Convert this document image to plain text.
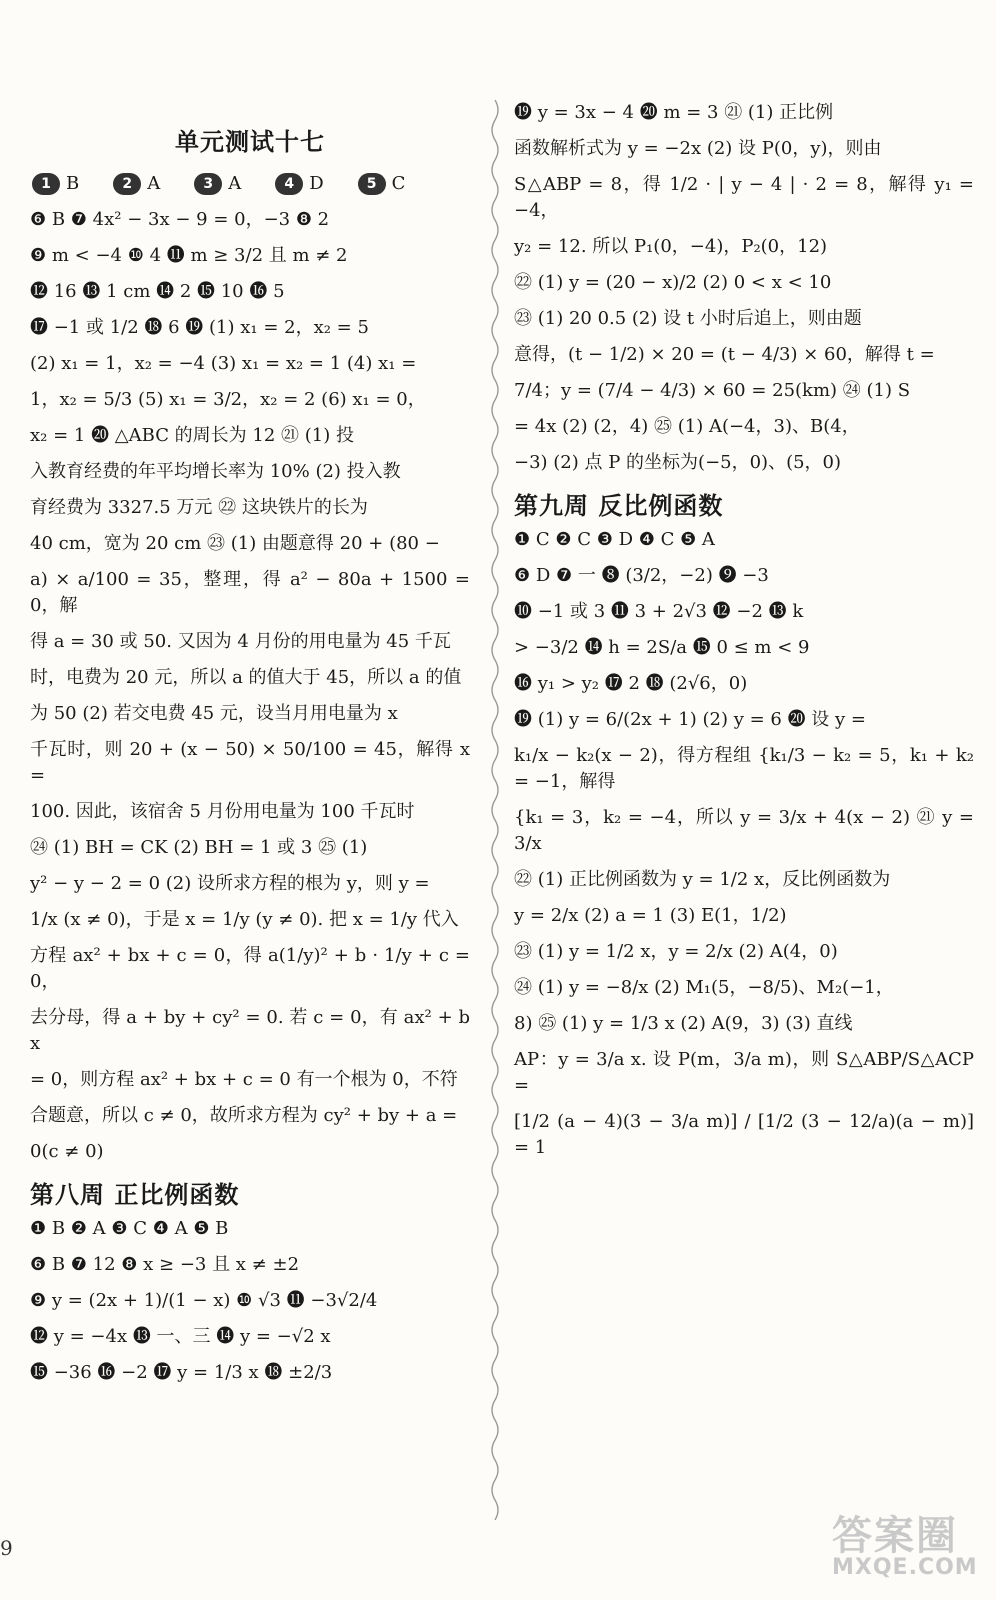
单元测试十七
1 B	2 A	3 A	4 D	5 C
❻ B ❼ 4x² − 3x − 9 = 0，−3 ❽ 2
❾ m < −4 ❿ 4 ⓫ m ≥ 3/2 且 m ≠ 2
⓬ 16 ⓭ 1 cm ⓮ 2 ⓯ 10 ⓰ 5
⓱ −1 或 1/2 ⓲ 6 ⓳ (1) x₁ = 2，x₂ = 5
(2) x₁ = 1，x₂ = −4 (3) x₁ = x₂ = 1 (4) x₁ =
1，x₂ = 5/3 (5) x₁ = 3/2，x₂ = 2 (6) x₁ = 0，
x₂ = 1 ⓴ △ABC 的周长为 12 ㉑ (1) 投
入教育经费的年平均增长率为 10% (2) 投入教
育经费为 3327.5 万元 ㉒ 这块铁片的长为
40 cm，宽为 20 cm ㉓ (1) 由题意得 20 + (80 −
a) × a/100 = 35，整理，得 a² − 80a + 1500 = 0，解
得 a = 30 或 50. 又因为 4 月份的用电量为 45 千瓦
时，电费为 20 元，所以 a 的值大于 45，所以 a 的值
为 50 (2) 若交电费 45 元，设当月用电量为 x
千瓦时，则 20 + (x − 50) × 50/100 = 45，解得 x =
100. 因此，该宿舍 5 月份用电量为 100 千瓦时
㉔ (1) BH = CK (2) BH = 1 或 3 ㉕ (1)
y² − y − 2 = 0 (2) 设所求方程的根为 y，则 y =
1/x (x ≠ 0)，于是 x = 1/y (y ≠ 0). 把 x = 1/y 代入
方程 ax² + bx + c = 0，得 a(1/y)² + b · 1/y + c = 0，
去分母，得 a + by + cy² = 0. 若 c = 0，有 ax² + bx
= 0，则方程 ax² + bx + c = 0 有一个根为 0，不符
合题意，所以 c ≠ 0，故所求方程为 cy² + by + a =
0(c ≠ 0)
第八周 正比例函数
❶ B ❷ A ❸ C ❹ A ❺ B
❻ B ❼ 12 ❽ x ≥ −3 且 x ≠ ±2
❾ y = (2x + 1)/(1 − x) ❿ √3 ⓫ −3√2/4
⓬ y = −4x ⓭ 一、三 ⓮ y = −√2 x
⓯ −36 ⓰ −2 ⓱ y = 1/3 x ⓲ ±2/3
⓳ y = 3x − 4 ⓴ m = 3 ㉑ (1) 正比例
函数解析式为 y = −2x (2) 设 P(0，y)，则由
S△ABP = 8，得 1/2 · | y − 4 | · 2 = 8，解得 y₁ = −4，
y₂ = 12. 所以 P₁(0，−4)，P₂(0，12)
㉒ (1) y = (20 − x)/2 (2) 0 < x < 10
㉓ (1) 20 0.5 (2) 设 t 小时后追上，则由题
意得，(t − 1/2) × 20 = (t − 4/3) × 60，解得 t =
7/4；y = (7/4 − 4/3) × 60 = 25(km) ㉔ (1) S
= 4x (2) (2，4) ㉕ (1) A(−4，3)、B(4，
−3) (2) 点 P 的坐标为(−5，0)、(5，0)
第九周 反比例函数
❶ C ❷ C ❸ D ❹ C ❺ A
❻ D ❼ 一 ❽ (3/2，−2) ❾ −3
❿ −1 或 3 ⓫ 3 + 2√3 ⓬ −2 ⓭ k
> −3/2 ⓮ h = 2S/a ⓯ 0 ≤ m < 9
⓰ y₁ > y₂ ⓱ 2 ⓲ (2√6，0)
⓳ (1) y = 6/(2x + 1) (2) y = 6 ⓴ 设 y =
k₁/x − k₂(x − 2)，得方程组 {k₁/3 − k₂ = 5，k₁ + k₂ = −1，解得
{k₁ = 3，k₂ = −4，所以 y = 3/x + 4(x − 2) ㉑ y = 3/x
㉒ (1) 正比例函数为 y = 1/2 x，反比例函数为
y = 2/x (2) a = 1 (3) E(1，1/2)
㉓ (1) y = 1/2 x，y = 2/x (2) A(4，0)
㉔ (1) y = −8/x (2) M₁(5，−8/5)、M₂(−1，
8) ㉕ (1) y = 1/3 x (2) A(9，3) (3) 直线
AP：y = 3/a x. 设 P(m，3/a m)，则 S△ABP/S△ACP =
[1/2 (a − 4)(3 − 3/a m)] / [1/2 (3 − 12/a)(a − m)] = 1
9	答案圈
MXQE.COM
